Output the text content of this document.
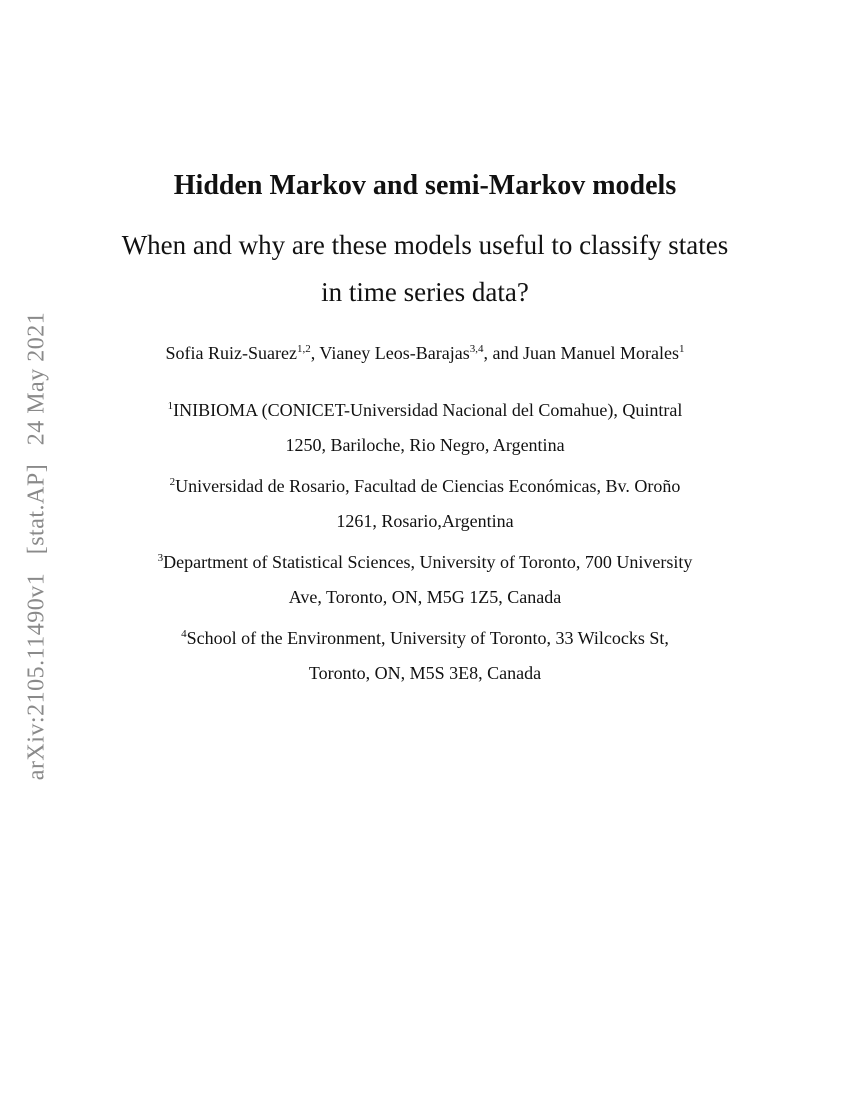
arXiv:2105.11490v1 [stat.AP] 24 May 2021
Hidden Markov and semi-Markov models
When and why are these models useful to classify states
in time series data?
Sofia Ruiz-Suarez$^{1,2}$, Vianey Leos-Barajas$^{3,4}$, and Juan Manuel Morales$^1$
$^1$INIBIOMA (CONICET-Universidad Nacional del Comahue), Quintral
1250, Bariloche, Rio Negro, Argentina
$^2$Universidad de Rosario, Facultad de Ciencias Económicas, Bv. Oroño
1261, Rosario,Argentina
$^3$Department of Statistical Sciences, University of Toronto, 700 University
Ave, Toronto, ON, M5G 1Z5, Canada
$^4$School of the Environment, University of Toronto, 33 Wilcocks St,
Toronto, ON, M5S 3E8, Canada
